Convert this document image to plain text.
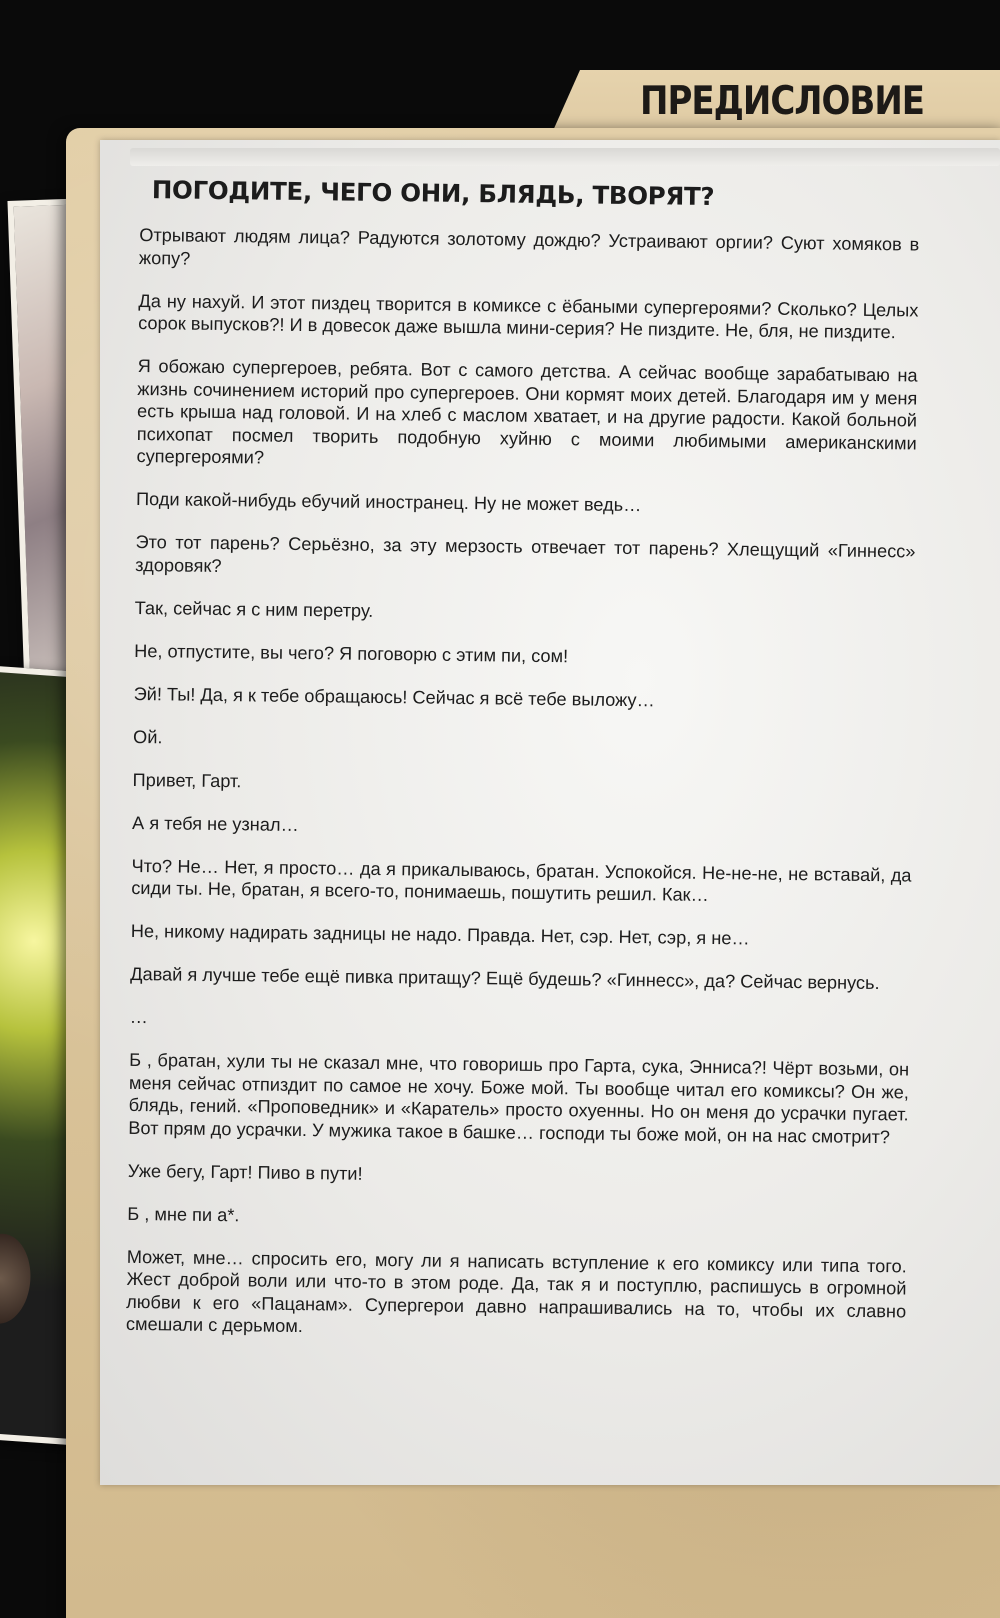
ПРЕДИСЛОВИЕ
ПОГОДИТЕ, ЧЕГО ОНИ, БЛЯДЬ, ТВОРЯТ?

Отрывают людям лица? Радуются золотому дождю? Устраивают оргии? Суют хомяков в жопу?

Да ну нахуй. И этот пиздец творится в комиксе с ёбаными супергероями? Сколько? Целых сорок выпусков?! И в довесок даже вышла мини-серия? Не пиздите. Не, бля, не пиздите.

Я обожаю супергероев, ребята. Вот с самого детства. А сейчас вообще зарабатываю на жизнь сочинением историй про супергероев. Они кормят моих детей. Благодаря им у меня есть крыша над головой. И на хлеб с маслом хватает, и на другие радости. Какой больной психопат посмел творить подобную хуйню с моими любимыми американскими супергероями?

Поди какой-нибудь ебучий иностранец. Ну не может ведь…

Это тот парень? Серьёзно, за эту мерзость отвечает тот парень? Хлещущий «Гиннесс» здоровяк?

Так, сейчас я с ним перетру.

Не, отпустите, вы чего? Я поговорю с этим пи, сом!

Эй! Ты! Да, я к тебе обращаюсь! Сейчас я всё тебе выложу…

Ой.

Привет, Гарт.

А я тебя не узнал…

Что? Не… Нет, я просто… да я прикалываюсь, братан. Успокойся. Не-не-не, не вставай, да сиди ты. Не, братан, я всего-то, понимаешь, пошутить решил. Как…

Не, никому надирать задницы не надо. Правда. Нет, сэр. Нет, сэр, я не…

Давай я лучше тебе ещё пивка притащу? Ещё будешь? «Гиннесс», да? Сейчас вернусь.

…

Б , братан, хули ты не сказал мне, что говоришь про Гарта, сука, Энниса?! Чёрт возьми, он меня сейчас отпиздит по самое не хочу. Боже мой. Ты вообще читал его комиксы? Он же, блядь, гений. «Проповедник» и «Каратель» просто охуенны. Но он меня до усрачки пугает. Вот прям до усрачки. У мужика такое в башке… господи ты боже мой, он на нас смотрит?

Уже бегу, Гарт! Пиво в пути!

Б , мне пи а*.

Может, мне… спросить его, могу ли я написать вступление к его комиксу или типа того. Жест доброй воли или что-то в этом роде. Да, так я и поступлю, распишусь в огромной любви к его «Пацанам». Супергерои давно напрашивались на то, чтобы их славно смешали с дерьмом.
